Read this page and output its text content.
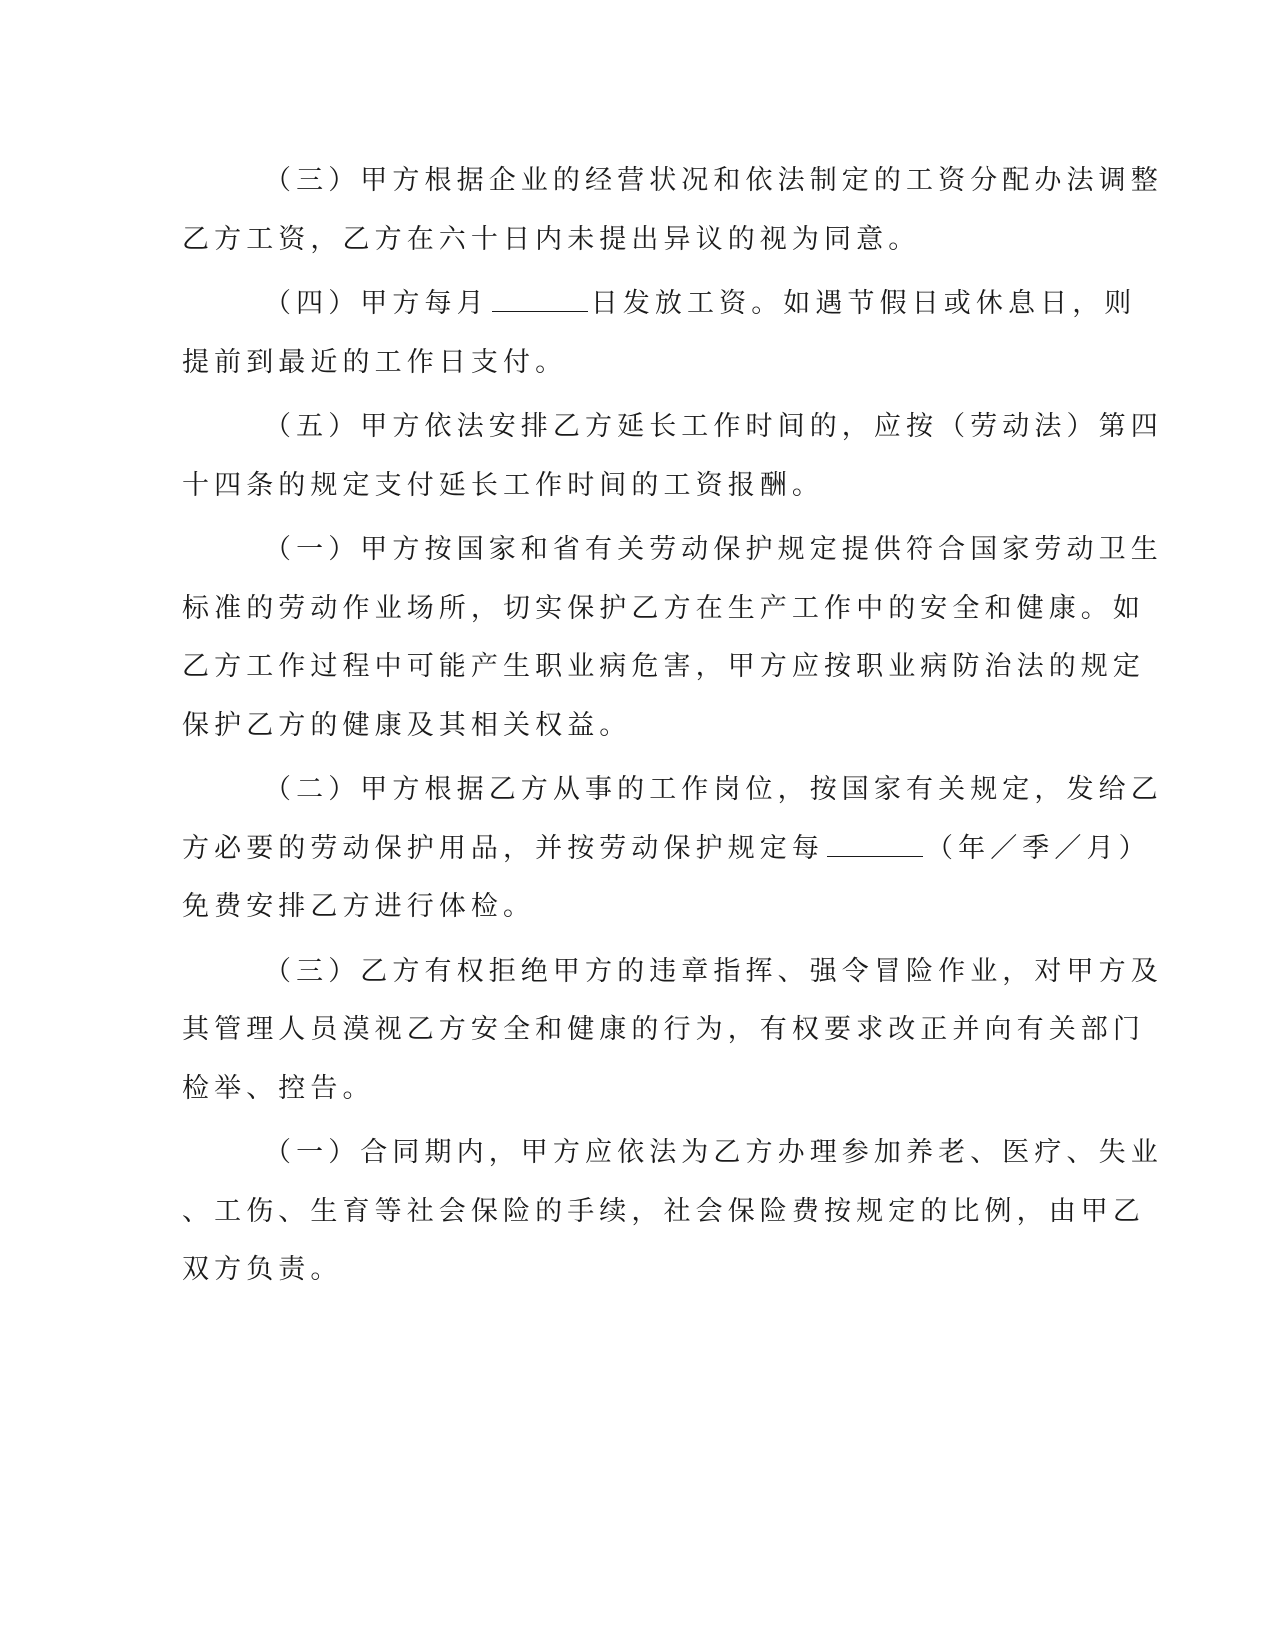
（三）甲方根据企业的经营状况和依法制定的工资分配办法调整
乙方工资，乙方在六十日内未提出异议的视为同意。
（四）甲方每月	日发放工资。如遇节假日或休息日，则
提前到最近的工作日支付。
（五）甲方依法安排乙方延长工作时间的，应按（劳动法）第四
十四条的规定支付延长工作时间的工资报酬。
（一）甲方按国家和省有关劳动保护规定提供符合国家劳动卫生
标准的劳动作业场所，切实保护乙方在生产工作中的安全和健康。如
乙方工作过程中可能产生职业病危害，甲方应按职业病防治法的规定
保护乙方的健康及其相关权益。
（二）甲方根据乙方从事的工作岗位，按国家有关规定，发给乙
方必要的劳动保护用品，并按劳动保护规定每	（年／季／月）
免费安排乙方进行体检。
（三）乙方有权拒绝甲方的违章指挥、强令冒险作业，对甲方及
其管理人员漠视乙方安全和健康的行为，有权要求改正并向有关部门
检举、控告。
（一）合同期内，甲方应依法为乙方办理参加养老、医疗、失业
、工伤、生育等社会保险的手续，社会保险费按规定的比例，由甲乙
双方负责。
